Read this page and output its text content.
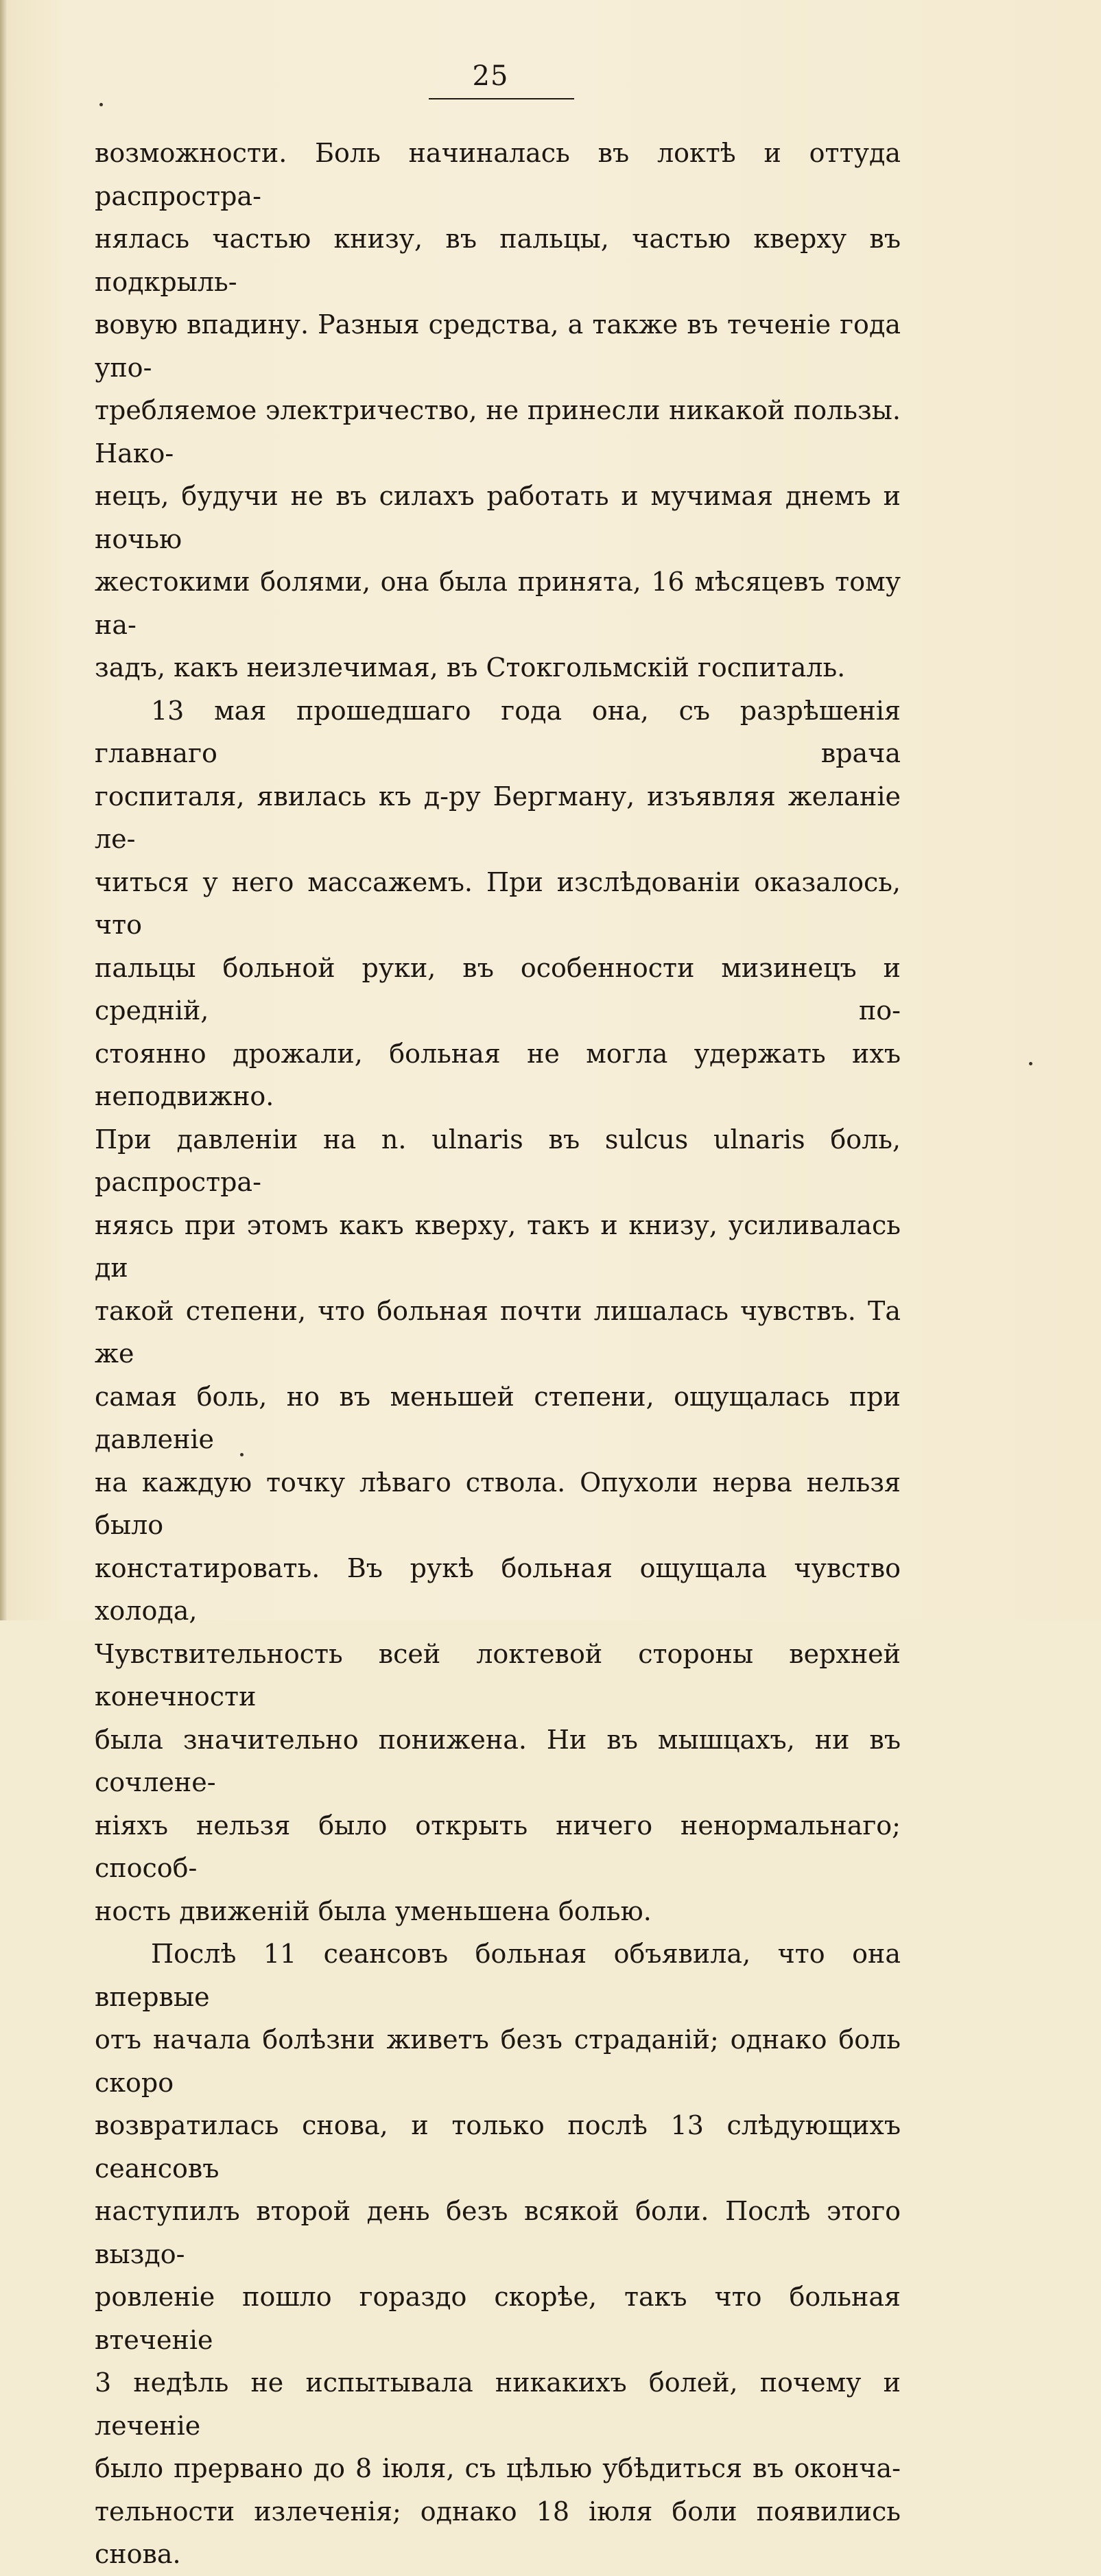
25

возможности. Боль начиналась въ локтѣ и оттуда распростра-
нялась частью книзу, въ пальцы, частью кверху въ подкрыль-
вовую впадину. Разныя средства, а также въ теченіе года упо-
требляемое электричество, не принесли никакой пользы. Нако-
нецъ, будучи не въ силахъ работать и мучимая днемъ и ночью
жестокими болями, она была принята, 16 мѣсяцевъ тому на-
задъ, какъ неизлечимая, въ Стокгольмскій госпиталь.

13 мая прошедшаго года она, съ разрѣшенія главнаго врача
госпиталя, явилась къ д-ру Бергману, изъявляя желаніе ле-
читься у него массажемъ. При изслѣдованіи оказалось, что
пальцы больной руки, въ особенности мизинецъ и средній, по-
стоянно дрожали, больная не могла удержать ихъ неподвижно.
При давленіи на n. ulnaris въ sulcus ulnaris боль, распростра-
няясь при этомъ какъ кверху, такъ и книзу, усиливалась ди
такой степени, что больная почти лишалась чувствъ. Та же
самая боль, но въ меньшей степени, ощущалась при давленіе
на каждую точку лѣваго ствола. Опухоли нерва нельзя было
констатировать. Въ рукѣ больная ощущала чувство холода,
Чувствительность всей локтевой стороны верхней конечности
была значительно понижена. Ни въ мышцахъ, ни въ сочлене-
ніяхъ нельзя было открыть ничего ненормальнаго; способ-
ность движеній была уменьшена болью.

Послѣ 11 сеансовъ больная объявила, что она впервые
отъ начала болѣзни живетъ безъ страданій; однако боль скоро
возвратилась снова, и только послѣ 13 слѣдующихъ сеансовъ
наступилъ второй день безъ всякой боли. Послѣ этого выздо-
ровленіе пошло гораздо скорѣе, такъ что больная втеченіе
3 недѣль не испытывала никакихъ болей, почему и леченіе
было прервано до 8 іюля, съ цѣлью убѣдиться въ оконча-
тельности излеченія; однако 18 іюля боли появились снова.
